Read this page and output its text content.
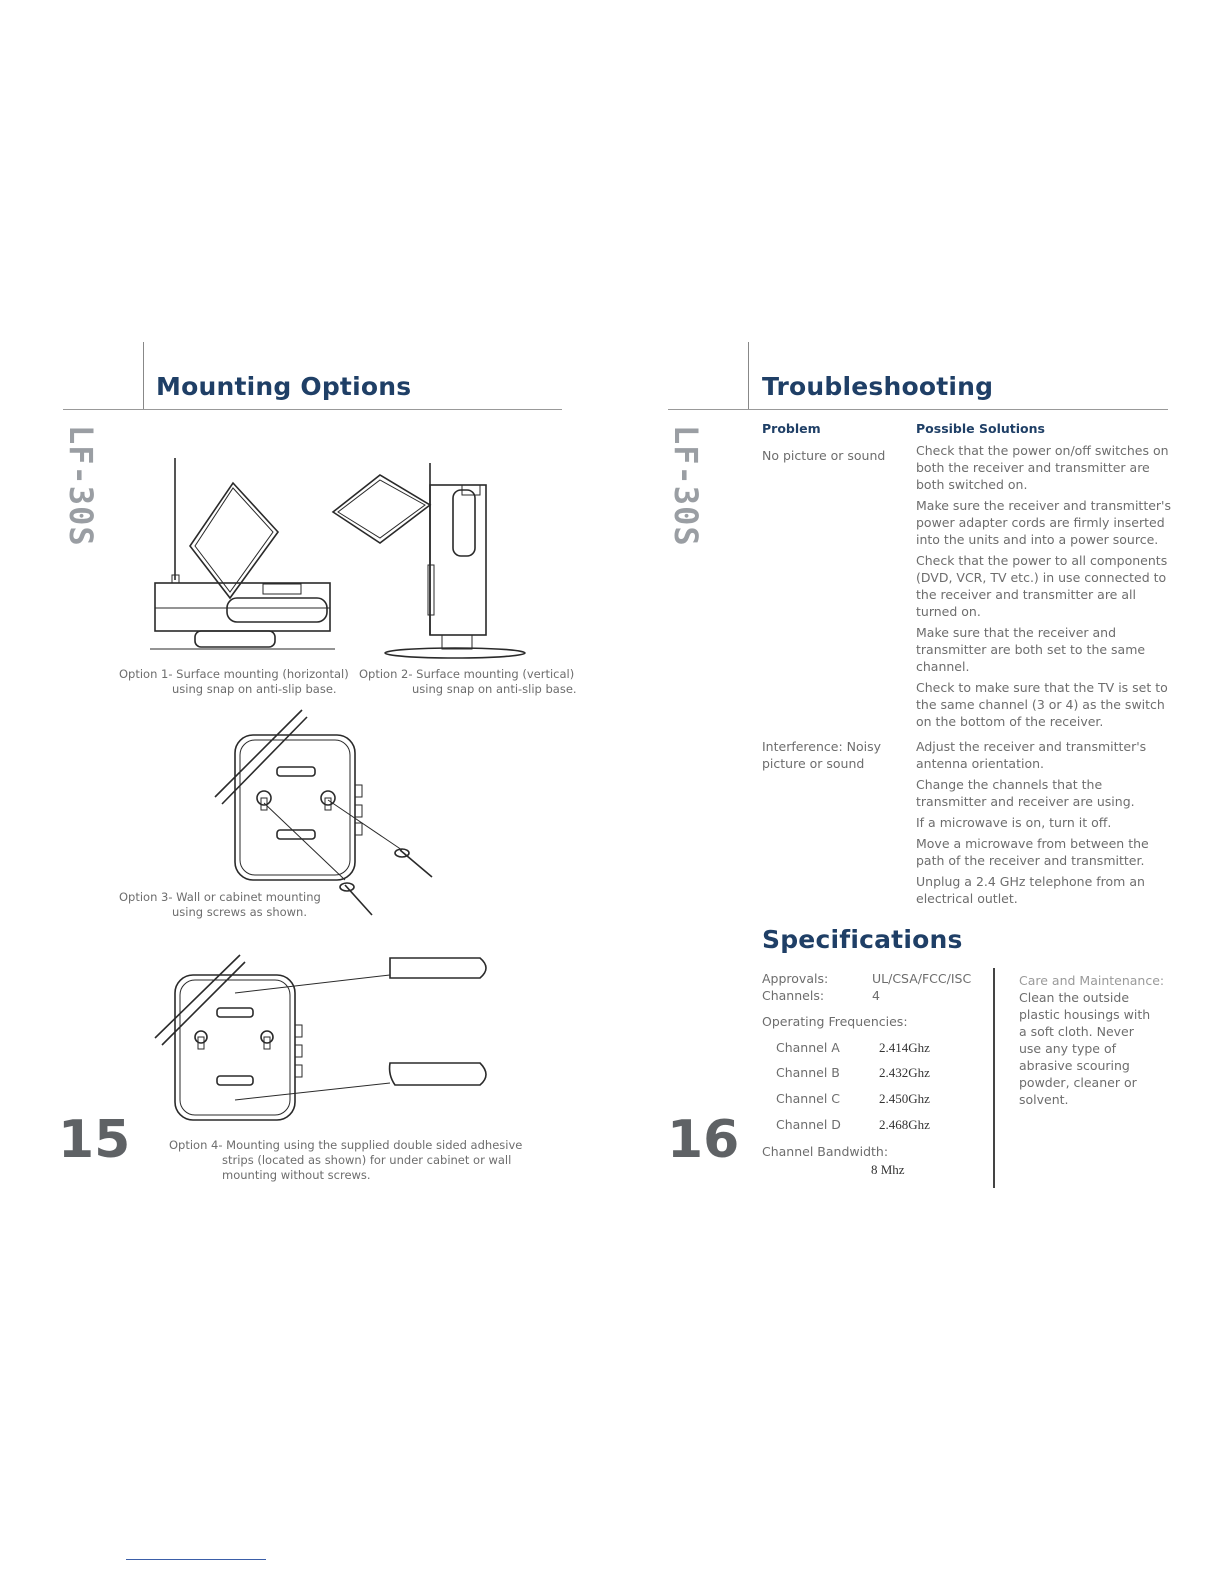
Mounting Options
LF-30S
15
Option 1- Surface mounting (horizontal)
using snap on anti-slip base.
Option 2- Surface mounting (vertical)
using snap on anti-slip base.
Option 3- Wall or cabinet mounting
using screws as shown.
Option 4- Mounting using the supplied double sided adhesive
strips (located as shown) for under cabinet or wall
mounting without screws.
Troubleshooting
LF-30S
16
Problem	Possible Solutions
No picture or sound	Check that the power on/off switches on both the receiver and transmitter are both switched on.

Make sure the receiver and transmitter's power adapter cords are firmly inserted into the units and into a power source.

Check that the power to all components (DVD, VCR, TV etc.) in use connected to the receiver and transmitter are all turned on.

Make sure that the receiver and transmitter are both set to the same channel.

Check to make sure that the TV is set to the same channel (3 or 4) as the switch on the bottom of the receiver.

Interference: Noisy picture or sound

Adjust the receiver and transmitter's antenna orientation.

Change the channels that the transmitter and receiver are using.

If a microwave is on, turn it off.

Move a microwave from between the path of the receiver and transmitter.

Unplug a 2.4 GHz telephone from an electrical outlet.

Specifications
Approvals:	UL/CSA/FCC/ISC
Channels:	4
Operating Frequencies:
Channel A	2.414Ghz
Channel B	2.432Ghz
Channel C	2.450Ghz
Channel D	2.468Ghz
Channel Bandwidth:
8 Mhz
Care and Maintenance:
Clean the outside plastic housings with a soft cloth. Never use any type of abrasive scouring powder, cleaner or solvent.
